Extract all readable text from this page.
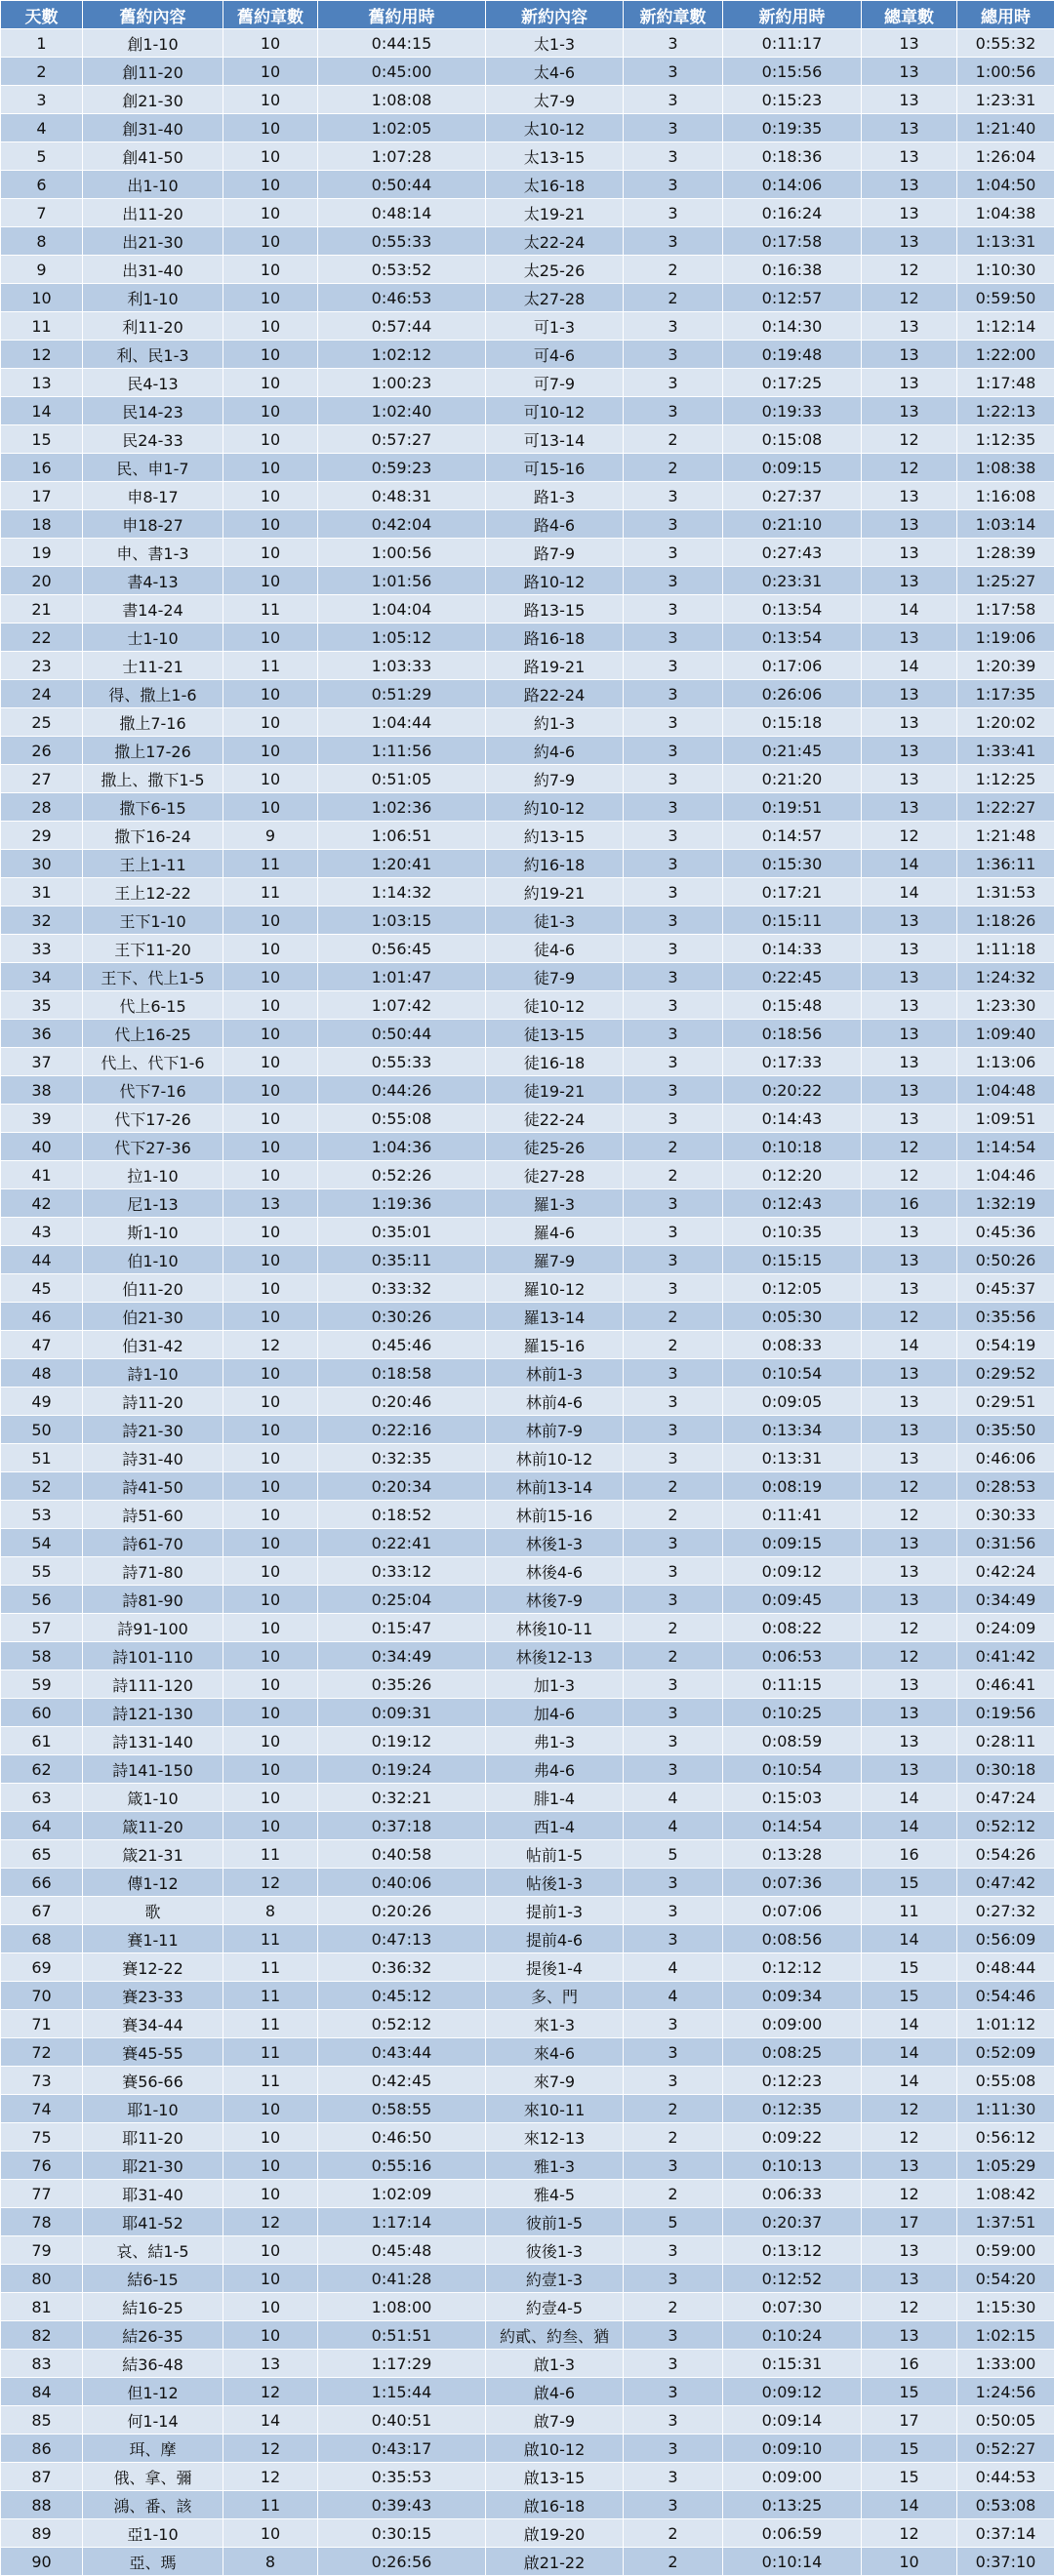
天數	舊約內容	舊約章數	舊約用時	新約內容	新約章數	新約用時	總章數	總用時
1	創1-10	10	0:44:15	太1-3	3	0:11:17	13	0:55:32
2	創11-20	10	0:45:00	太4-6	3	0:15:56	13	1:00:56
3	創21-30	10	1:08:08	太7-9	3	0:15:23	13	1:23:31
4	創31-40	10	1:02:05	太10-12	3	0:19:35	13	1:21:40
5	創41-50	10	1:07:28	太13-15	3	0:18:36	13	1:26:04
6	出1-10	10	0:50:44	太16-18	3	0:14:06	13	1:04:50
7	出11-20	10	0:48:14	太19-21	3	0:16:24	13	1:04:38
8	出21-30	10	0:55:33	太22-24	3	0:17:58	13	1:13:31
9	出31-40	10	0:53:52	太25-26	2	0:16:38	12	1:10:30
10	利1-10	10	0:46:53	太27-28	2	0:12:57	12	0:59:50
11	利11-20	10	0:57:44	可1-3	3	0:14:30	13	1:12:14
12	利、民1-3	10	1:02:12	可4-6	3	0:19:48	13	1:22:00
13	民4-13	10	1:00:23	可7-9	3	0:17:25	13	1:17:48
14	民14-23	10	1:02:40	可10-12	3	0:19:33	13	1:22:13
15	民24-33	10	0:57:27	可13-14	2	0:15:08	12	1:12:35
16	民、申1-7	10	0:59:23	可15-16	2	0:09:15	12	1:08:38
17	申8-17	10	0:48:31	路1-3	3	0:27:37	13	1:16:08
18	申18-27	10	0:42:04	路4-6	3	0:21:10	13	1:03:14
19	申、書1-3	10	1:00:56	路7-9	3	0:27:43	13	1:28:39
20	書4-13	10	1:01:56	路10-12	3	0:23:31	13	1:25:27
21	書14-24	11	1:04:04	路13-15	3	0:13:54	14	1:17:58
22	士1-10	10	1:05:12	路16-18	3	0:13:54	13	1:19:06
23	士11-21	11	1:03:33	路19-21	3	0:17:06	14	1:20:39
24	得、撒上1-6	10	0:51:29	路22-24	3	0:26:06	13	1:17:35
25	撒上7-16	10	1:04:44	約1-3	3	0:15:18	13	1:20:02
26	撒上17-26	10	1:11:56	約4-6	3	0:21:45	13	1:33:41
27	撒上、撒下1-5	10	0:51:05	約7-9	3	0:21:20	13	1:12:25
28	撒下6-15	10	1:02:36	約10-12	3	0:19:51	13	1:22:27
29	撒下16-24	9	1:06:51	約13-15	3	0:14:57	12	1:21:48
30	王上1-11	11	1:20:41	約16-18	3	0:15:30	14	1:36:11
31	王上12-22	11	1:14:32	約19-21	3	0:17:21	14	1:31:53
32	王下1-10	10	1:03:15	徒1-3	3	0:15:11	13	1:18:26
33	王下11-20	10	0:56:45	徒4-6	3	0:14:33	13	1:11:18
34	王下、代上1-5	10	1:01:47	徒7-9	3	0:22:45	13	1:24:32
35	代上6-15	10	1:07:42	徒10-12	3	0:15:48	13	1:23:30
36	代上16-25	10	0:50:44	徒13-15	3	0:18:56	13	1:09:40
37	代上、代下1-6	10	0:55:33	徒16-18	3	0:17:33	13	1:13:06
38	代下7-16	10	0:44:26	徒19-21	3	0:20:22	13	1:04:48
39	代下17-26	10	0:55:08	徒22-24	3	0:14:43	13	1:09:51
40	代下27-36	10	1:04:36	徒25-26	2	0:10:18	12	1:14:54
41	拉1-10	10	0:52:26	徒27-28	2	0:12:20	12	1:04:46
42	尼1-13	13	1:19:36	羅1-3	3	0:12:43	16	1:32:19
43	斯1-10	10	0:35:01	羅4-6	3	0:10:35	13	0:45:36
44	伯1-10	10	0:35:11	羅7-9	3	0:15:15	13	0:50:26
45	伯11-20	10	0:33:32	羅10-12	3	0:12:05	13	0:45:37
46	伯21-30	10	0:30:26	羅13-14	2	0:05:30	12	0:35:56
47	伯31-42	12	0:45:46	羅15-16	2	0:08:33	14	0:54:19
48	詩1-10	10	0:18:58	林前1-3	3	0:10:54	13	0:29:52
49	詩11-20	10	0:20:46	林前4-6	3	0:09:05	13	0:29:51
50	詩21-30	10	0:22:16	林前7-9	3	0:13:34	13	0:35:50
51	詩31-40	10	0:32:35	林前10-12	3	0:13:31	13	0:46:06
52	詩41-50	10	0:20:34	林前13-14	2	0:08:19	12	0:28:53
53	詩51-60	10	0:18:52	林前15-16	2	0:11:41	12	0:30:33
54	詩61-70	10	0:22:41	林後1-3	3	0:09:15	13	0:31:56
55	詩71-80	10	0:33:12	林後4-6	3	0:09:12	13	0:42:24
56	詩81-90	10	0:25:04	林後7-9	3	0:09:45	13	0:34:49
57	詩91-100	10	0:15:47	林後10-11	2	0:08:22	12	0:24:09
58	詩101-110	10	0:34:49	林後12-13	2	0:06:53	12	0:41:42
59	詩111-120	10	0:35:26	加1-3	3	0:11:15	13	0:46:41
60	詩121-130	10	0:09:31	加4-6	3	0:10:25	13	0:19:56
61	詩131-140	10	0:19:12	弗1-3	3	0:08:59	13	0:28:11
62	詩141-150	10	0:19:24	弗4-6	3	0:10:54	13	0:30:18
63	箴1-10	10	0:32:21	腓1-4	4	0:15:03	14	0:47:24
64	箴11-20	10	0:37:18	西1-4	4	0:14:54	14	0:52:12
65	箴21-31	11	0:40:58	帖前1-5	5	0:13:28	16	0:54:26
66	傳1-12	12	0:40:06	帖後1-3	3	0:07:36	15	0:47:42
67	歌	8	0:20:26	提前1-3	3	0:07:06	11	0:27:32
68	賽1-11	11	0:47:13	提前4-6	3	0:08:56	14	0:56:09
69	賽12-22	11	0:36:32	提後1-4	4	0:12:12	15	0:48:44
70	賽23-33	11	0:45:12	多、門	4	0:09:34	15	0:54:46
71	賽34-44	11	0:52:12	來1-3	3	0:09:00	14	1:01:12
72	賽45-55	11	0:43:44	來4-6	3	0:08:25	14	0:52:09
73	賽56-66	11	0:42:45	來7-9	3	0:12:23	14	0:55:08
74	耶1-10	10	0:58:55	來10-11	2	0:12:35	12	1:11:30
75	耶11-20	10	0:46:50	來12-13	2	0:09:22	12	0:56:12
76	耶21-30	10	0:55:16	雅1-3	3	0:10:13	13	1:05:29
77	耶31-40	10	1:02:09	雅4-5	2	0:06:33	12	1:08:42
78	耶41-52	12	1:17:14	彼前1-5	5	0:20:37	17	1:37:51
79	哀、結1-5	10	0:45:48	彼後1-3	3	0:13:12	13	0:59:00
80	結6-15	10	0:41:28	約壹1-3	3	0:12:52	13	0:54:20
81	結16-25	10	1:08:00	約壹4-5	2	0:07:30	12	1:15:30
82	結26-35	10	0:51:51	約貳、約叁、猶	3	0:10:24	13	1:02:15
83	結36-48	13	1:17:29	啟1-3	3	0:15:31	16	1:33:00
84	但1-12	12	1:15:44	啟4-6	3	0:09:12	15	1:24:56
85	何1-14	14	0:40:51	啟7-9	3	0:09:14	17	0:50:05
86	珥、摩	12	0:43:17	啟10-12	3	0:09:10	15	0:52:27
87	俄、拿、彌	12	0:35:53	啟13-15	3	0:09:00	15	0:44:53
88	鴻、番、該	11	0:39:43	啟16-18	3	0:13:25	14	0:53:08
89	亞1-10	10	0:30:15	啟19-20	2	0:06:59	12	0:37:14
90	亞、瑪	8	0:26:56	啟21-22	2	0:10:14	10	0:37:10
